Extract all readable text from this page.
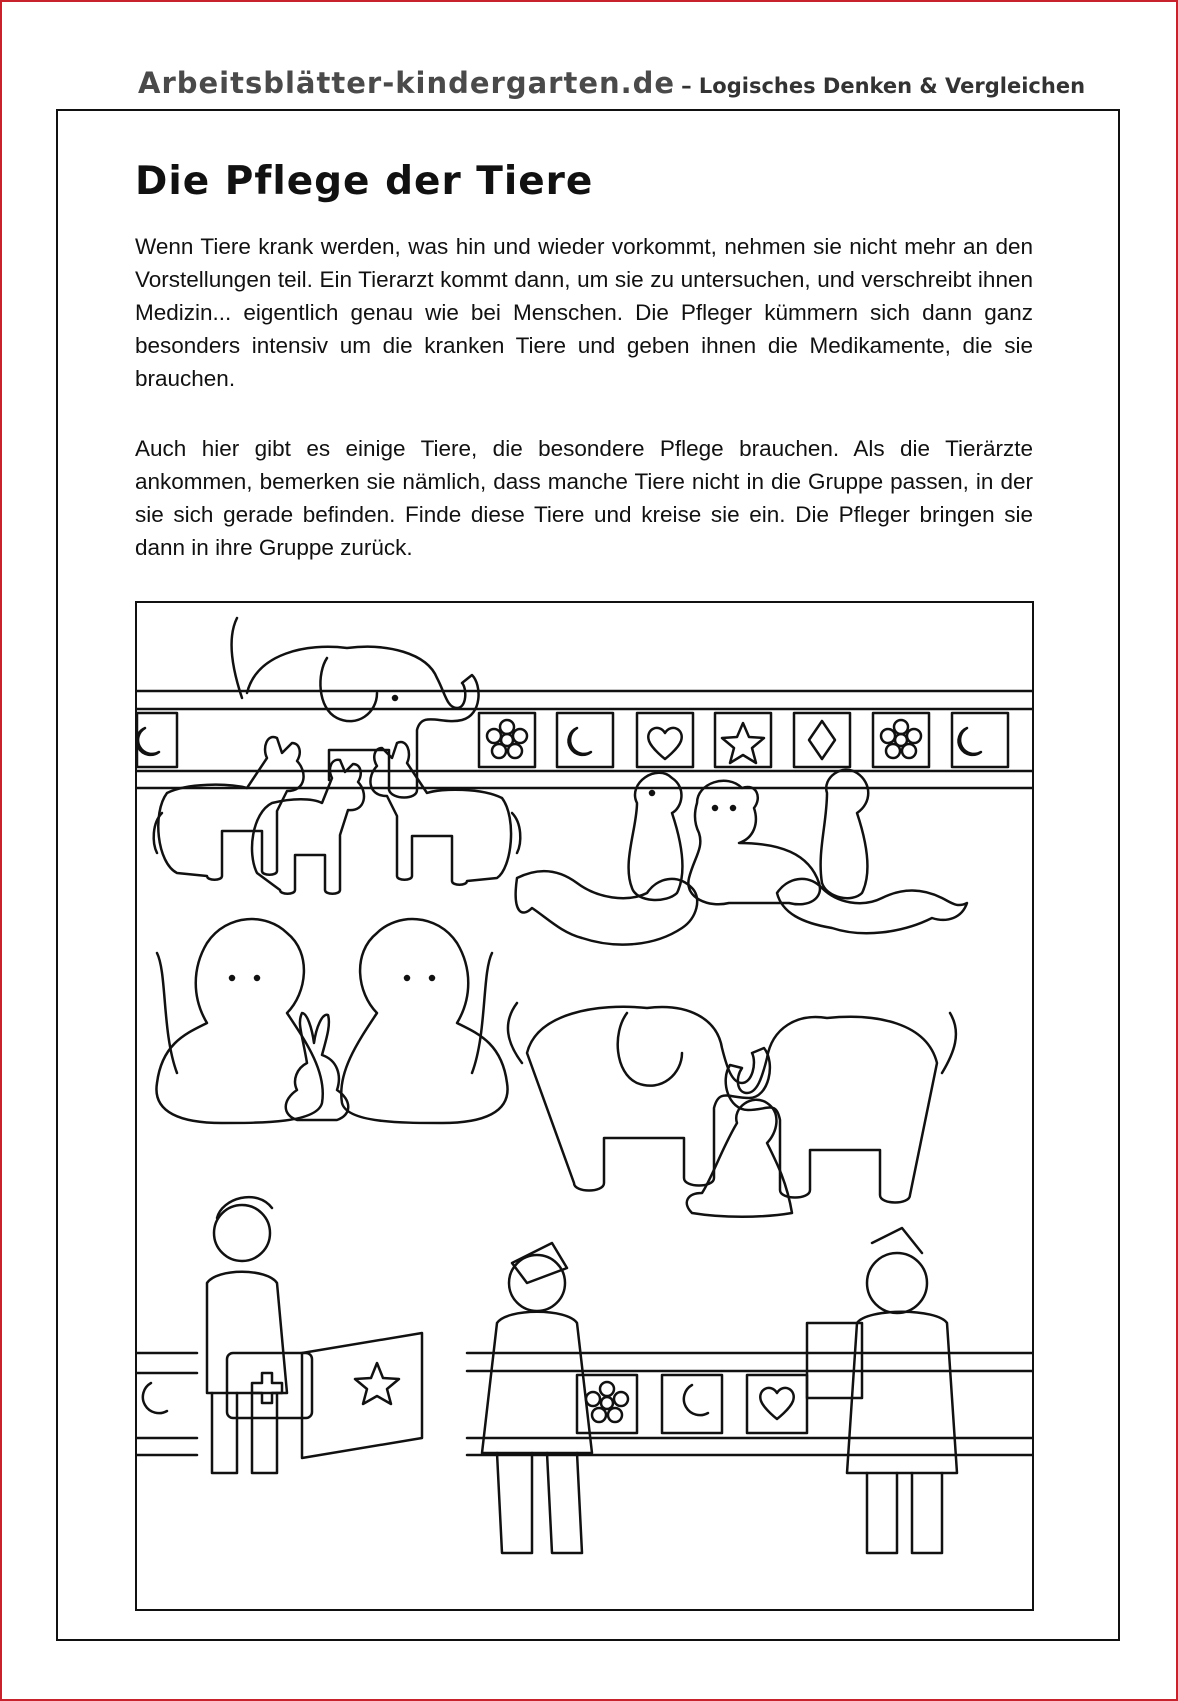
Arbeitsblätter-kindergarten.de – Logisches Denken & Vergleichen
Die Pflege der Tiere

Wenn Tiere krank werden, was hin und wieder vorkommt, nehmen sie nicht mehr an den Vorstellungen teil. Ein Tierarzt kommt dann, um sie zu untersuchen, und verschreibt ihnen Medizin... eigentlich genau wie bei Menschen. Die Pfleger kümmern sich dann ganz besonders intensiv um die kranken Tiere und geben ihnen die Medikamente, die sie brauchen.

Auch hier gibt es einige Tiere, die besondere Pflege brauchen. Als die Tierärzte ankommen, bemerken sie nämlich, dass manche Tiere nicht in die Gruppe passen, in der sie sich gerade befinden. Finde diese Tiere und kreise sie ein. Die Pfleger bringen sie dann in ihre Gruppe zurück.
